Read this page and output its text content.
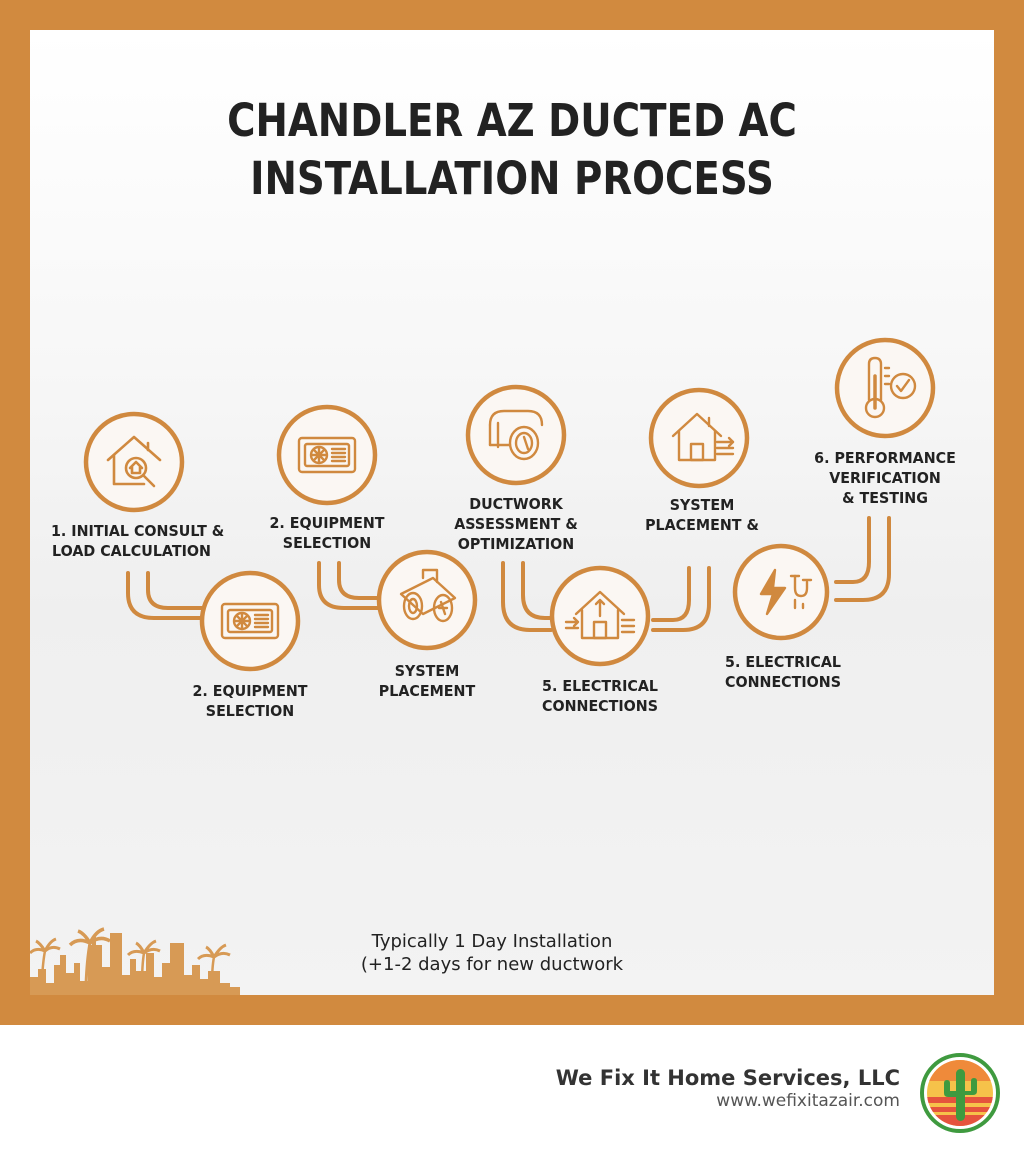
CHANDLER AZ DUCTED AC
INSTALLATION PROCESS
1. INITIAL CONSULT &
LOAD CALCULATION
2. EQUIPMENT
SELECTION
2. EQUIPMENT
SELECTION
SYSTEM
PLACEMENT
DUCTWORK
ASSESSMENT &
OPTIMIZATION
5. ELECTRICAL
CONNECTIONS
SYSTEM
PLACEMENT &
5. ELECTRICAL
CONNECTIONS
6. PERFORMANCE
VERIFICATION
& TESTING
Typically 1 Day Installation
(+1-2 days for new ductwork
We Fix It Home Services, LLC
www.wefixitazair.com
